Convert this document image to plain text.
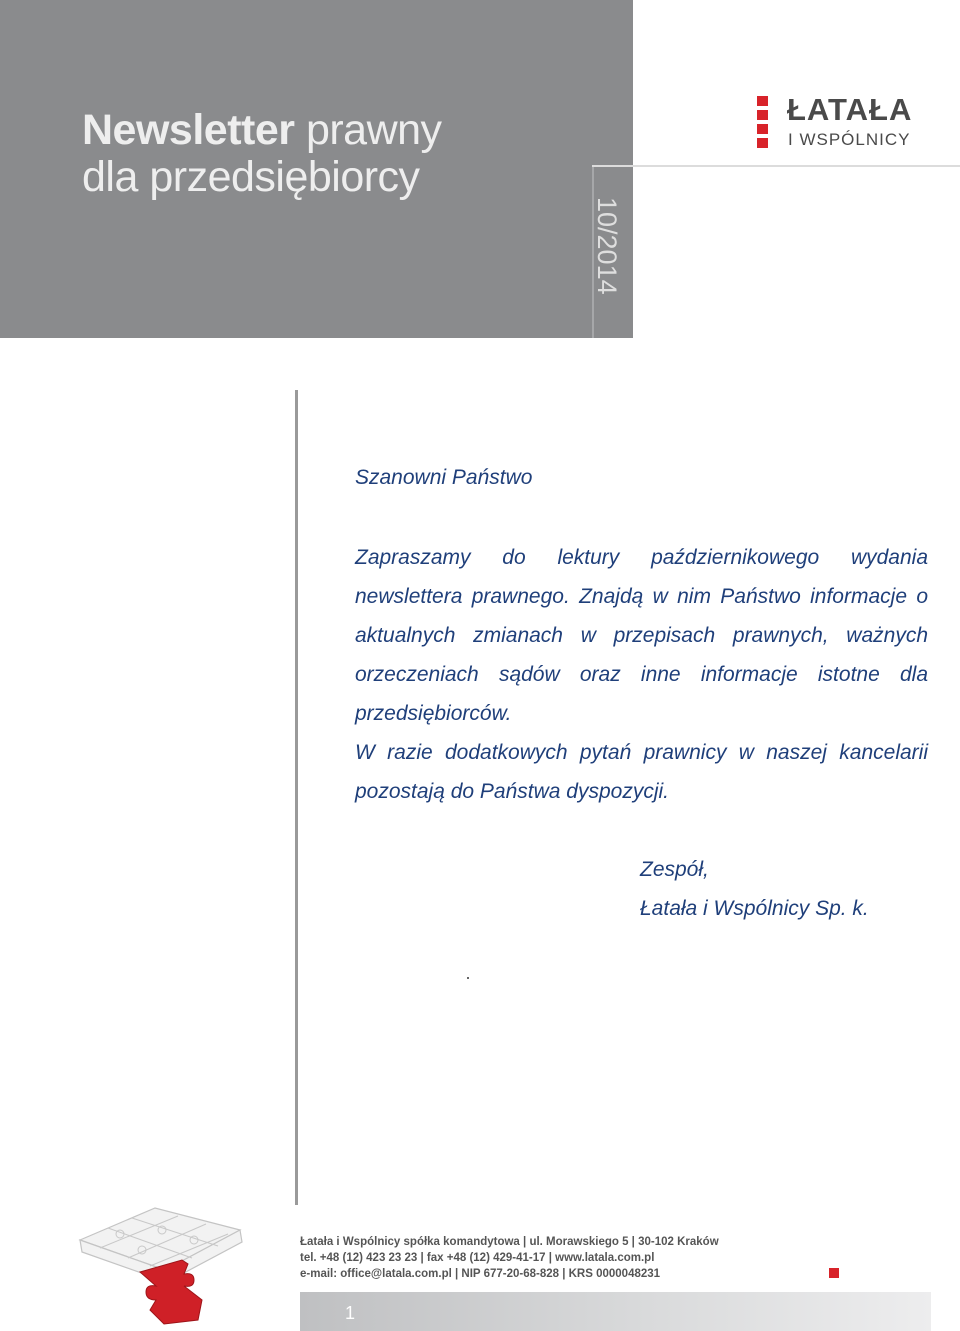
Newsletter prawny
dla przedsiębiorcy
10/2014
ŁATAŁA
I WSPÓLNICY
Szanowni Państwo

Zapraszamy do lektury październikowego wydania newslettera prawnego. Znajdą w nim Państwo informacje o aktualnych zmianach w przepisach prawnych, ważnych orzeczeniach sądów oraz inne informacje istotne dla przedsiębiorców.

W razie dodatkowych pytań prawnicy w naszej kancelarii pozostają do Państwa dyspozycji.

Zespół,
Łatała i Wspólnicy Sp. k.
Łatała i Wspólnicy spółka komandytowa | ul. Morawskiego 5 | 30-102 Kraków
tel. +48 (12) 423 23 23 | fax +48 (12) 429-41-17 | www.latala.com.pl
e-mail: office@latala.com.pl | NIP 677-20-68-828 | KRS 0000048231
1
